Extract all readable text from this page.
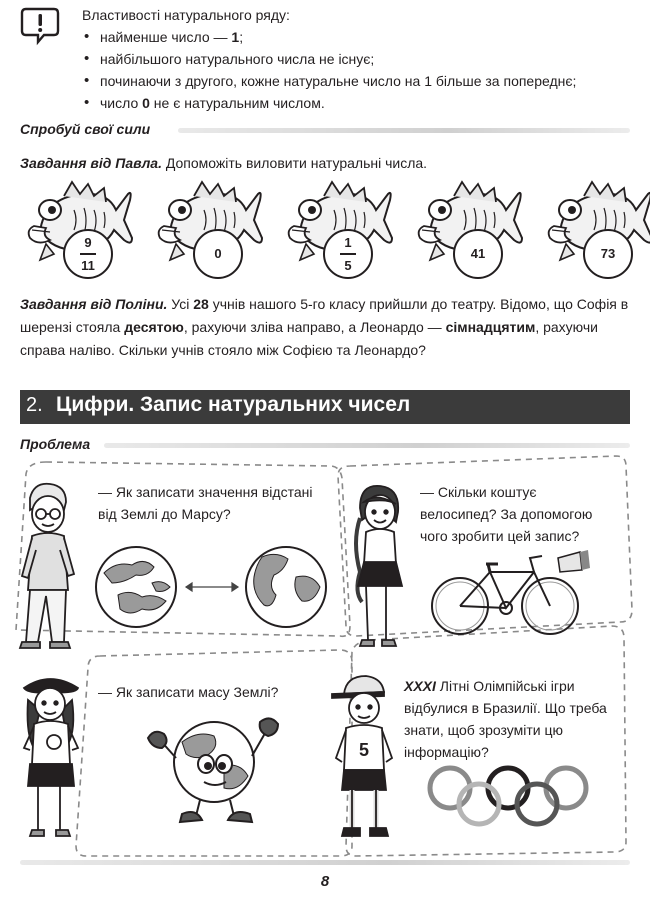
Властивості натурального ряду:
• найменше число — 1;
• найбільшого натурального числа не існує;
• починаючи з другого, кожне натуральне число на 1 більше за попереднє;
• число 0 не є натуральним числом.
Спробуй свої сили
Завдання від Павла. Допоможіть виловити натуральні числа.
9
11
0
1
5
41	73
Завдання від Поліни. Усі 28 учнів нашого 5-го класу прийшли до театру. Відомо, що Софія в шерензі стояла десятою, рахуючи зліва направо, а Леонардо — сімнадцятим, рахуючи справа наліво. Скільки учнів стояло між Софією та Леонардо?
2. Цифри. Запис натуральних чисел
Проблема
— Як записати значення відстані від Землі до Марсу?
— Скільки коштує велосипед? За допомогою чого зробити цей запис?
— Як записати масу Землі?
5
ХХХІ Літні Олімпійські ігри відбулися в Бразилії. Що треба знати, щоб зрозуміти цю інформацію?
8
